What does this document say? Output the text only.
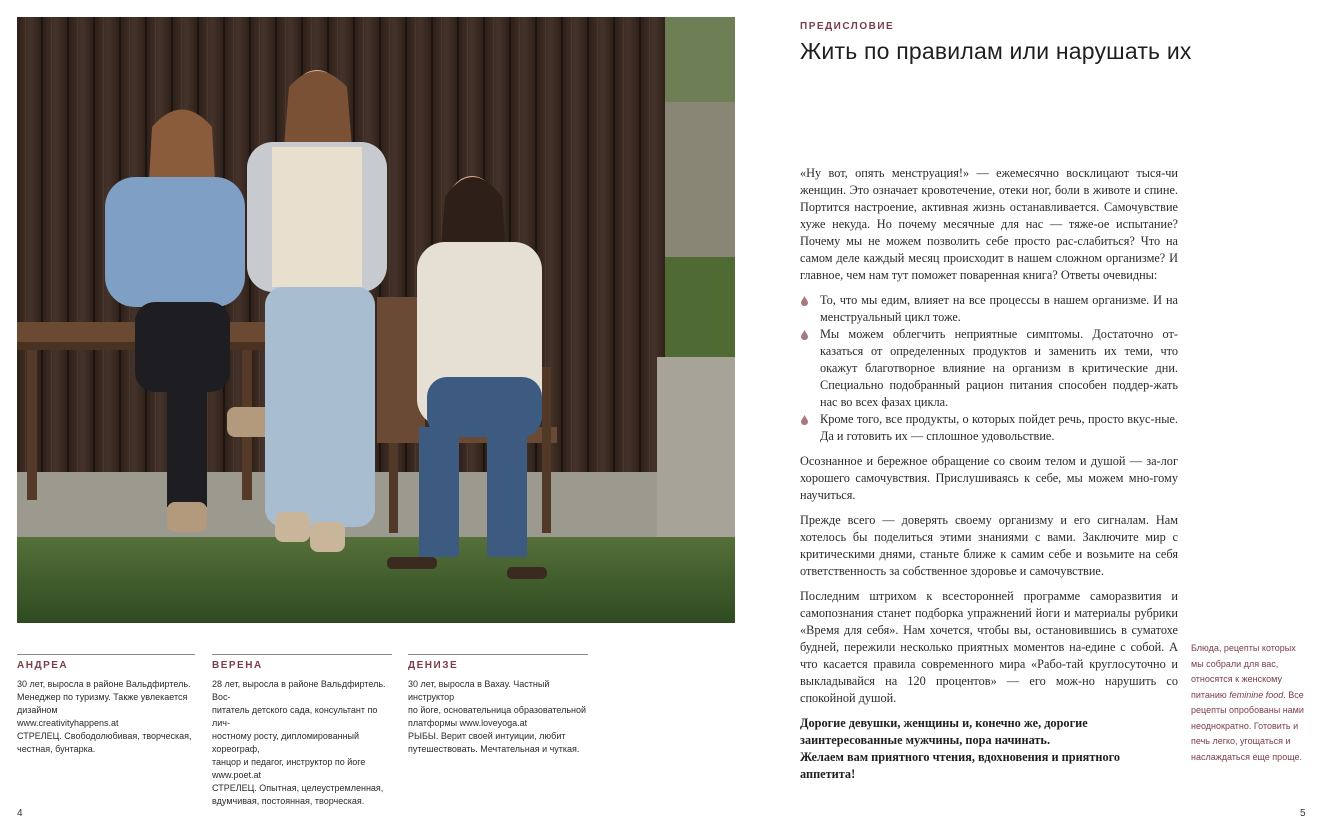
АНДРЕА

30 лет, выросла в районе Вальдфиртель.

Менеджер по туризму. Также увлекается

дизайном

www.creativityhappens.at

СТРЕЛЕЦ. Свободолюбивая, творческая,

честная, бунтарка.

ВЕРЕНА

28 лет, выросла в районе Вальдфиртель. Вос-

питатель детского сада, консультант по лич-

ностному росту, дипломированный хореограф,

танцор и педагог, инструктор по йоге

www.poet.at

СТРЕЛЕЦ. Опытная, целеустремленная,

вдумчивая, постоянная, творческая.

ДЕНИЗЕ

30 лет, выросла в Вахау. Частный инструктор

по йоге, основательница образовательной

платформы www.loveyoga.at

РЫБЫ. Верит своей интуиции, любит

путешествовать. Мечтательная и чуткая.

4
ПРЕДИСЛОВИЕ
Жить по правилам или нарушать их

«Ну вот, опять менструация!» — ежемесячно восклицают тыся-чи женщин. Это означает кровотечение, отеки ног, боли в животе и спине. Портится настроение, активная жизнь останавливается. Самочувствие хуже некуда. Но почему месячные для нас — тяже-ое испытание? Почему мы не можем позволить себе просто рас-слабиться? Что на самом деле каждый месяц происходит в нашем сложном организме? И главное, чем нам тут поможет поваренная книга? Ответы очевидны:

То, что мы едим, влияет на все процессы в нашем организме. И на менструальный цикл тоже.
Мы можем облегчить неприятные симптомы. Достаточно от-казаться от определенных продуктов и заменить их теми, что окажут благотворное влияние на организм в критические дни. Специально подобранный рацион питания способен поддер-жать нас во всех фазах цикла.
Кроме того, все продукты, о которых пойдет речь, просто вкус-ные. Да и готовить их — сплошное удовольствие.

Осознанное и бережное обращение со своим телом и душой — за-лог хорошего самочувствия. Прислушиваясь к себе, мы можем мно-гому научиться.

Прежде всего — доверять своему организму и его сигналам. Нам хотелось бы поделиться этими знаниями с вами. Заключите мир с критическими днями, станьте ближе к самим себе и возьмите на себя ответственность за собственное здоровье и самочувствие.

Последним штрихом к всесторонней программе саморазвития и самопознания станет подборка упражнений йоги и материалы рубрики «Время для себя». Нам хочется, чтобы вы, остановившись в суматохе будней, пережили несколько приятных моментов на-едине с собой. А что касается правила современного мира «Рабо-тай круглосуточно и выкладывайся на 120 процентов» — его мож-но нарушить со спокойной душой.

Дорогие девушки, женщины и, конечно же, дорогие
заинтересованные мужчины, пора начинать.
Желаем вам приятного чтения, вдохновения и приятного
аппетита!
Блюда, рецепты которых мы собрали для вас, относятся к женскому питанию feminine food. Все рецепты опробованы нами неоднократно. Готовить и печь легко, угощаться и наслаждаться еще проще.
5
